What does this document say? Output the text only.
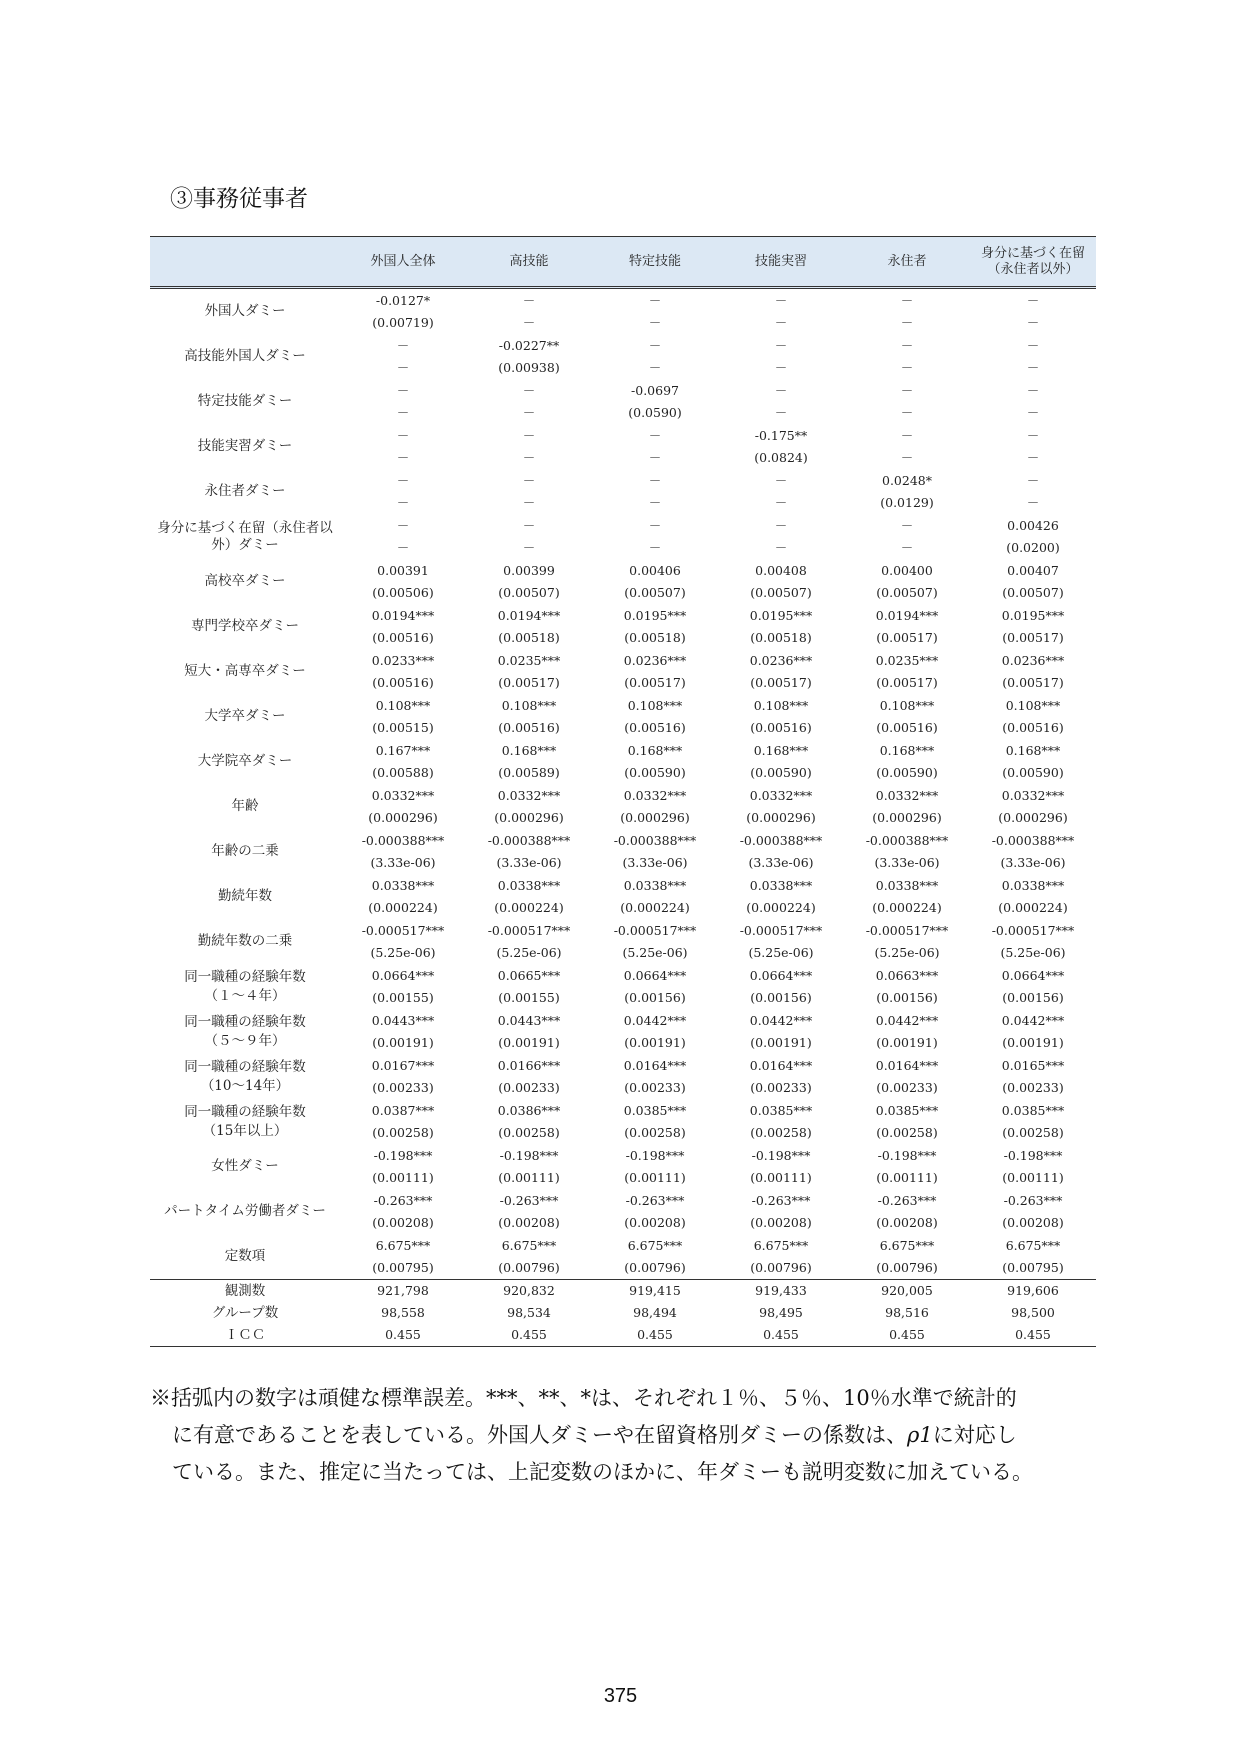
③事務従事者
	外国人全体	高技能	特定技能	技能実習	永住者	身分に基づく在留（永住者以外）
外国人ダミー	-0.0127*	－	－	－	－	－
	(0.00719)	－	－	－	－	－
高技能外国人ダミー	－	-0.0227**	－	－	－	－
	－	(0.00938)	－	－	－	－
特定技能ダミー	－	－	-0.0697	－	－	－
	－	－	(0.0590)	－	－	－
技能実習ダミー	－	－	－	-0.175**	－	－
	－	－	－	(0.0824)	－	－
永住者ダミー	－	－	－	－	0.0248*	－
	－	－	－	－	(0.0129)	－
身分に基づく在留（永住者以外）ダミー	－	－	－	－	－	0.00426
	－	－	－	－	－	(0.0200)
高校卒ダミー	0.00391	0.00399	0.00406	0.00408	0.00400	0.00407
	(0.00506)	(0.00507)	(0.00507)	(0.00507)	(0.00507)	(0.00507)
専門学校卒ダミー	0.0194***	0.0194***	0.0195***	0.0195***	0.0194***	0.0195***
	(0.00516)	(0.00518)	(0.00518)	(0.00518)	(0.00517)	(0.00517)
短大・高専卒ダミー	0.0233***	0.0235***	0.0236***	0.0236***	0.0235***	0.0236***
	(0.00516)	(0.00517)	(0.00517)	(0.00517)	(0.00517)	(0.00517)
大学卒ダミー	0.108***	0.108***	0.108***	0.108***	0.108***	0.108***
	(0.00515)	(0.00516)	(0.00516)	(0.00516)	(0.00516)	(0.00516)
大学院卒ダミー	0.167***	0.168***	0.168***	0.168***	0.168***	0.168***
	(0.00588)	(0.00589)	(0.00590)	(0.00590)	(0.00590)	(0.00590)
年齢	0.0332***	0.0332***	0.0332***	0.0332***	0.0332***	0.0332***
	(0.000296)	(0.000296)	(0.000296)	(0.000296)	(0.000296)	(0.000296)
年齢の二乗	-0.000388***	-0.000388***	-0.000388***	-0.000388***	-0.000388***	-0.000388***
	(3.33e-06)	(3.33e-06)	(3.33e-06)	(3.33e-06)	(3.33e-06)	(3.33e-06)
勤続年数	0.0338***	0.0338***	0.0338***	0.0338***	0.0338***	0.0338***
	(0.000224)	(0.000224)	(0.000224)	(0.000224)	(0.000224)	(0.000224)
勤続年数の二乗	-0.000517***	-0.000517***	-0.000517***	-0.000517***	-0.000517***	-0.000517***
	(5.25e-06)	(5.25e-06)	(5.25e-06)	(5.25e-06)	(5.25e-06)	(5.25e-06)

同一職種の経験年数
（１～４年）	0.0664***	0.0665***	0.0664***	0.0664***	0.0663***	0.0664***
	(0.00155)	(0.00155)	(0.00156)	(0.00156)	(0.00156)	(0.00156)

同一職種の経験年数
（５～９年）	0.0443***	0.0443***	0.0442***	0.0442***	0.0442***	0.0442***
	(0.00191)	(0.00191)	(0.00191)	(0.00191)	(0.00191)	(0.00191)

同一職種の経験年数
（10～14年）	0.0167***	0.0166***	0.0164***	0.0164***	0.0164***	0.0165***
	(0.00233)	(0.00233)	(0.00233)	(0.00233)	(0.00233)	(0.00233)

同一職種の経験年数
（15年以上）	0.0387***	0.0386***	0.0385***	0.0385***	0.0385***	0.0385***
	(0.00258)	(0.00258)	(0.00258)	(0.00258)	(0.00258)	(0.00258)
女性ダミー	-0.198***	-0.198***	-0.198***	-0.198***	-0.198***	-0.198***
	(0.00111)	(0.00111)	(0.00111)	(0.00111)	(0.00111)	(0.00111)
パートタイム労働者ダミー	-0.263***	-0.263***	-0.263***	-0.263***	-0.263***	-0.263***
	(0.00208)	(0.00208)	(0.00208)	(0.00208)	(0.00208)	(0.00208)
定数項	6.675***	6.675***	6.675***	6.675***	6.675***	6.675***
	(0.00795)	(0.00796)	(0.00796)	(0.00796)	(0.00796)	(0.00795)
観測数	921,798	920,832	919,415	919,433	920,005	919,606
グループ数	98,558	98,534	98,494	98,495	98,516	98,500
ＩＣＣ	0.455	0.455	0.455	0.455	0.455	0.455
※括弧内の数字は頑健な標準誤差。***、**、*は、それぞれ１％、５％、10％水準で統計的
に有意であることを表している。外国人ダミーや在留資格別ダミーの係数は、ρ1に対応し
ている。また、推定に当たっては、上記変数のほかに、年ダミーも説明変数に加えている。
375
